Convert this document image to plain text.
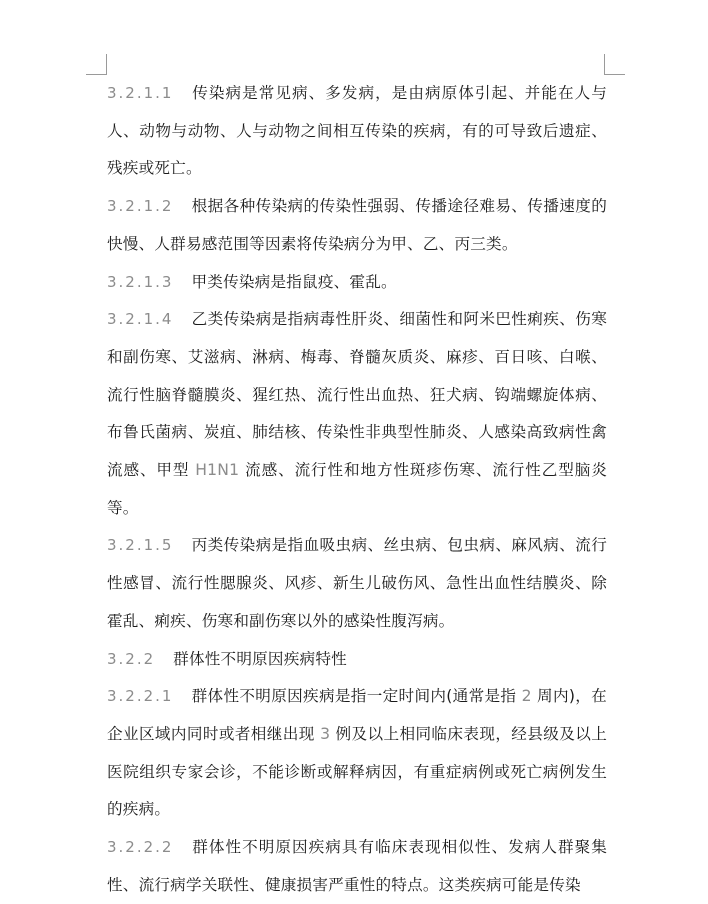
3.2.1.1 传染病是常见病、多发病，是由病原体引起、并能在人与人、动物与动物、人与动物之间相互传染的疾病，有的可导致后遗症、残疾或死亡。

3.2.1.2 根据各种传染病的传染性强弱、传播途径难易、传播速度的快慢、人群易感范围等因素将传染病分为甲、乙、丙三类。

3.2.1.3 甲类传染病是指鼠疫、霍乱。

3.2.1.4 乙类传染病是指病毒性肝炎、细菌性和阿米巴性痢疾、伤寒和副伤寒、艾滋病、淋病、梅毒、脊髓灰质炎、麻疹、百日咳、白喉、流行性脑脊髓膜炎、猩红热、流行性出血热、狂犬病、钩端螺旋体病、布鲁氏菌病、炭疽、肺结核、传染性非典型性肺炎、人感染高致病性禽流感、甲型 H1N1 流感、流行性和地方性斑疹伤寒、流行性乙型脑炎等。

3.2.1.5 丙类传染病是指血吸虫病、丝虫病、包虫病、麻风病、流行性感冒、流行性腮腺炎、风疹、新生儿破伤风、急性出血性结膜炎、除霍乱、痢疾、伤寒和副伤寒以外的感染性腹泻病。

3.2.2 群体性不明原因疾病特性

3.2.2.1 群体性不明原因疾病是指一定时间内(通常是指 2 周内)，在企业区域内同时或者相继出现 3 例及以上相同临床表现，经县级及以上医院组织专家会诊，不能诊断或解释病因，有重症病例或死亡病例发生的疾病。

3.2.2.2 群体性不明原因疾病具有临床表现相似性、发病人群聚集性、流行病学关联性、健康损害严重性的特点。这类疾病可能是传染
